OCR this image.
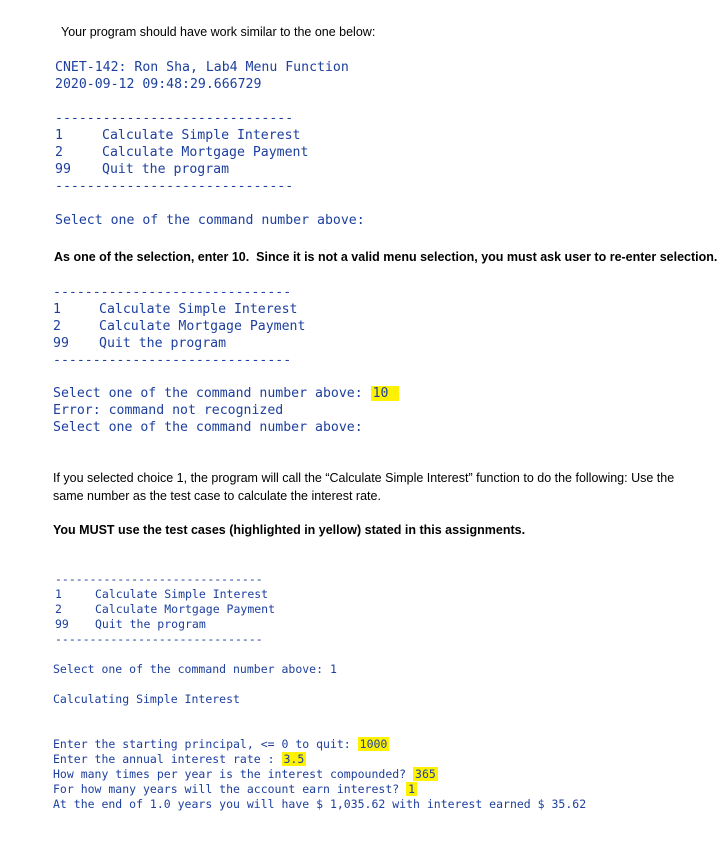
Your program should have work similar to the one below:
CNET-142: Ron Sha, Lab4 Menu Function
2020-09-12 09:48:29.666729
------------------------------
1	Calculate Simple Interest
2	Calculate Mortgage Payment
99 Quit the program
------------------------------
Select one of the command number above:
As one of the selection, enter 10.  Since it is not a valid menu selection, you must ask user to re-enter selection.
------------------------------
1	Calculate Simple Interest
2	Calculate Mortgage Payment
99 Quit the program
------------------------------
Select one of the command number above: 10
Error: command not recognized
Select one of the command number above:
If you selected choice 1, the program will call the “Calculate Simple Interest” function to do the following: Use the
same number as the test case to calculate the interest rate.
You MUST use the test cases (highlighted in yellow) stated in this assignments.
------------------------------
1	Calculate Simple Interest
2	Calculate Mortgage Payment
99 Quit the program
------------------------------
Select one of the command number above: 1
Calculating Simple Interest
Enter the starting principal, <= 0 to quit: 1000
Enter the annual interest rate : 3.5
How many times per year is the interest compounded? 365
For how many years will the account earn interest? 1
At the end of 1.0 years you will have $ 1,035.62 with interest earned $ 35.62
